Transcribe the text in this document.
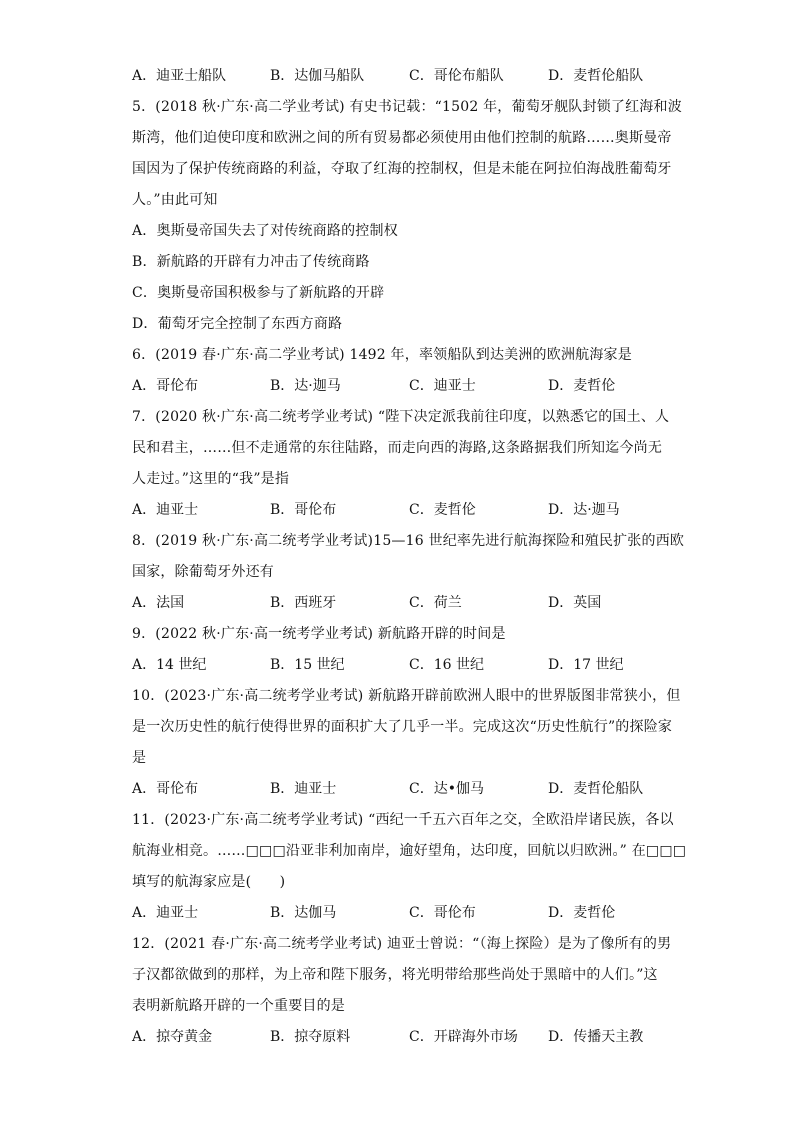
A．迪亚士船队	B．达伽马船队	C．哥伦布船队	D．麦哲伦船队
5．(2018 秋·广东·高二学业考试) 有史书记载：“1502 年，葡萄牙舰队封锁了红海和波
斯湾，他们迫使印度和欧洲之间的所有贸易都必须使用由他们控制的航路……奥斯曼帝
国因为了保护传统商路的利益，夺取了红海的控制权，但是未能在阿拉伯海战胜葡萄牙
人。”由此可知
A．奥斯曼帝国失去了对传统商路的控制权
B．新航路的开辟有力冲击了传统商路
C．奥斯曼帝国积极参与了新航路的开辟
D．葡萄牙完全控制了东西方商路
6．(2019 春·广东·高二学业考试) 1492 年，率领船队到达美洲的欧洲航海家是
A．哥伦布	B．达·迦马	C．迪亚士	D．麦哲伦
7．(2020 秋·广东·高二统考学业考试) “陛下决定派我前往印度，以熟悉它的国土、人
民和君主，……但不走通常的东往陆路，而走向西的海路,这条路据我们所知迄今尚无
人走过。”这里的“我”是指
A．迪亚士	B．哥伦布	C．麦哲伦	D．达·迦马
8．(2019 秋·广东·高二统考学业考试)15—16 世纪率先进行航海探险和殖民扩张的西欧
国家，除葡萄牙外还有
A．法国	B．西班牙	C．荷兰	D．英国
9．(2022 秋·广东·高一统考学业考试) 新航路开辟的时间是
A．14 世纪	B．15 世纪	C．16 世纪	D．17 世纪
10．(2023·广东·高二统考学业考试) 新航路开辟前欧洲人眼中的世界版图非常狭小，但
是一次历史性的航行使得世界的面积扩大了几乎一半。完成这次“历史性航行”的探险家
是
A．哥伦布	B．迪亚士	C．达•伽马	D．麦哲伦船队
11．(2023·广东·高二统考学业考试) “西纪一千五六百年之交，全欧沿岸诸民族，各以
航海业相竞。……□□□沿亚非利加南岸，逾好望角，达印度，回航以归欧洲。” 在□□□
填写的航海家应是(　　)
A．迪亚士	B．达伽马	C．哥伦布	D．麦哲伦
12．(2021 春·广东·高二统考学业考试) 迪亚士曾说：“（海上探险）是为了像所有的男
子汉都欲做到的那样，为上帝和陛下服务，将光明带给那些尚处于黑暗中的人们。”这
表明新航路开辟的一个重要目的是
A．掠夺黄金	B．掠夺原料	C．开辟海外市场 D．传播天主教
